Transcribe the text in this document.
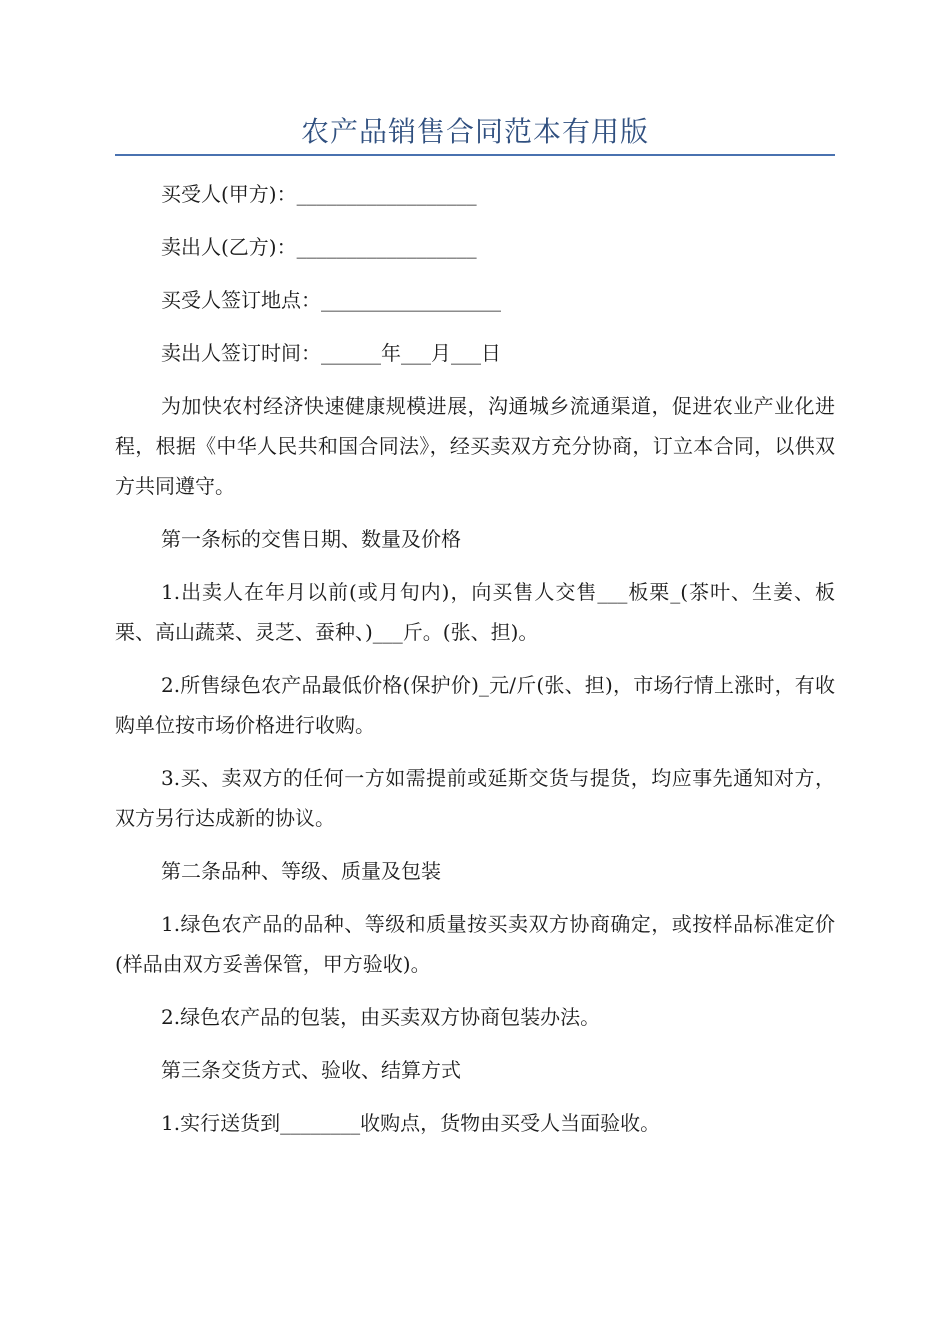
农产品销售合同范本有用版

买受人(甲方)：__________________

卖出人(乙方)：__________________

买受人签订地点：__________________

卖出人签订时间：______年___月___日

为加快农村经济快速健康规模进展，沟通城乡流通渠道，促进农业产业化进程，根据《中华人民共和国合同法》，经买卖双方充分协商，订立本合同，以供双方共同遵守。

第一条标的交售日期、数量及价格

1.出卖人在年月以前(或月旬内)，向买售人交售___板栗_(茶叶、生姜、板栗、高山蔬菜、灵芝、蚕种、)___斤。(张、担)。

2.所售绿色农产品最低价格(保护价)_元/斤(张、担)，市场行情上涨时，有收购单位按市场价格进行收购。

3.买、卖双方的任何一方如需提前或延斯交货与提货，均应事先通知对方，双方另行达成新的协议。

第二条品种、等级、质量及包装

1.绿色农产品的品种、等级和质量按买卖双方协商确定，或按样品标准定价(样品由双方妥善保管，甲方验收)。

2.绿色农产品的包装，由买卖双方协商包装办法。

第三条交货方式、验收、结算方式

1.实行送货到________收购点，货物由买受人当面验收。
